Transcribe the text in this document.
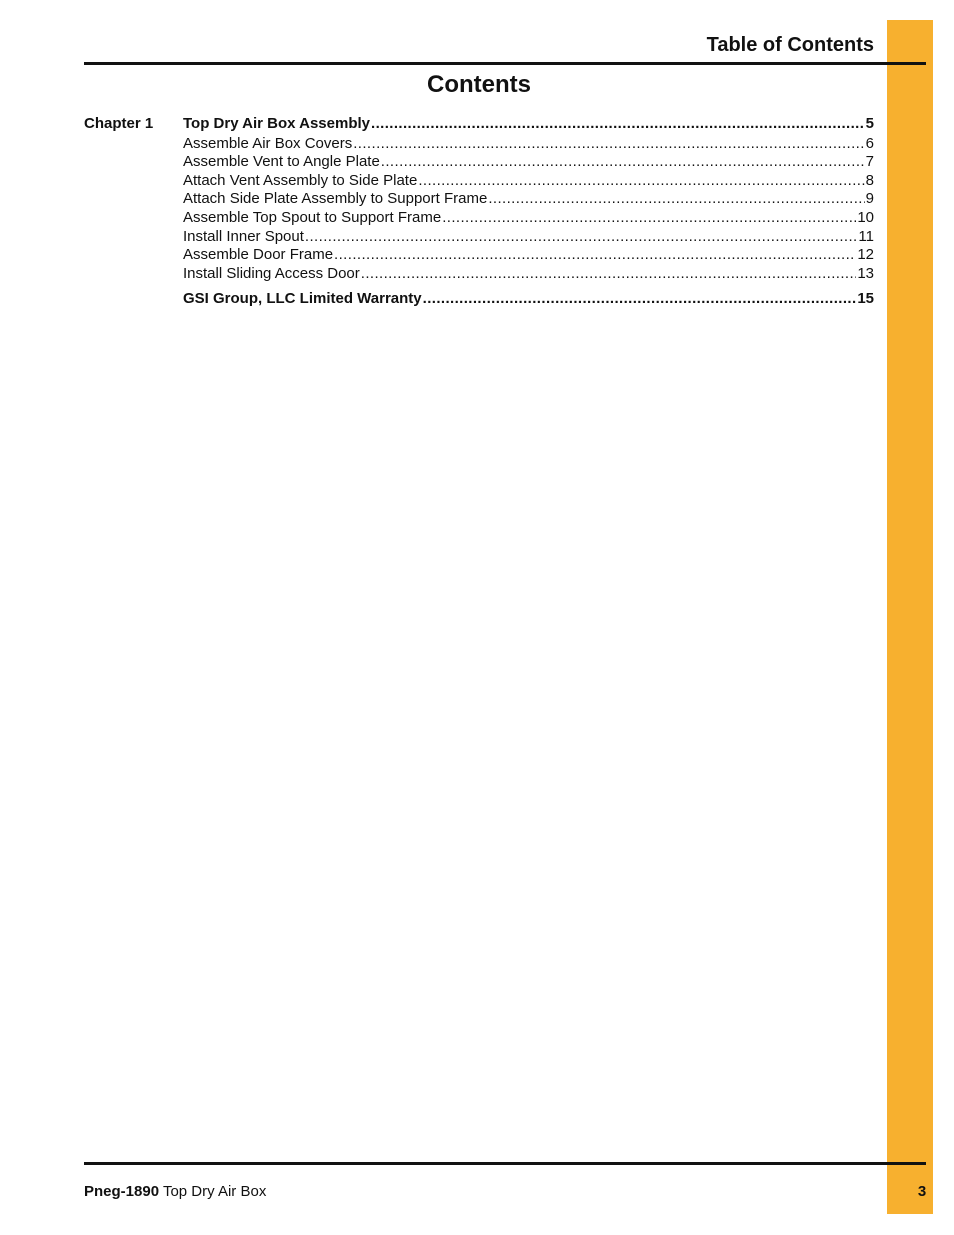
Table of Contents
Contents
Chapter 1 Top Dry Air Box Assembly .....	5
Assemble Air Box Covers .....	6
Assemble Vent to Angle Plate .....	7
Attach Vent Assembly to Side Plate .....	8
Attach Side Plate Assembly to Support Frame .....	9
Assemble Top Spout to Support Frame .....	10
Install Inner Spout .....	11
Assemble Door Frame .....	12
Install Sliding Access Door .....	13
GSI Group, LLC Limited Warranty .....	15
Pneg-1890 Top Dry Air Box	3
